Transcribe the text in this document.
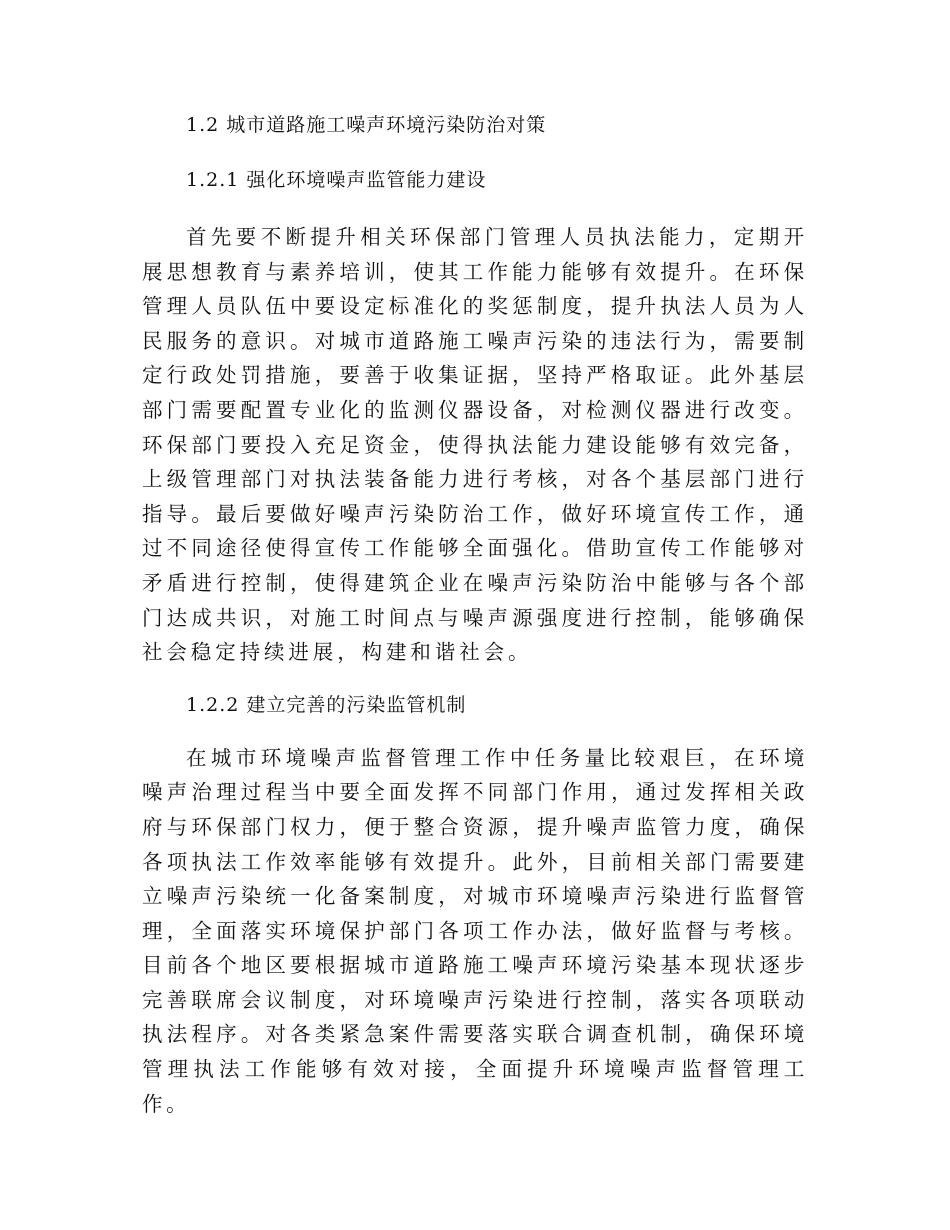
1.2 城市道路施工噪声环境污染防治对策
1.2.1 强化环境噪声监管能力建设

首先要不断提升相关环保部门管理人员执法能力，定期开展思想教育与素养培训，使其工作能力能够有效提升。在环保管理人员队伍中要设定标准化的奖惩制度，提升执法人员为人民服务的意识。对城市道路施工噪声污染的违法行为，需要制定行政处罚措施，要善于收集证据，坚持严格取证。此外基层部门需要配置专业化的监测仪器设备，对检测仪器进行改变。环保部门要投入充足资金，使得执法能力建设能够有效完备，上级管理部门对执法装备能力进行考核，对各个基层部门进行指导。最后要做好噪声污染防治工作，做好环境宣传工作，通过不同途径使得宣传工作能够全面强化。借助宣传工作能够对矛盾进行控制，使得建筑企业在噪声污染防治中能够与各个部门达成共识，对施工时间点与噪声源强度进行控制，能够确保社会稳定持续进展，构建和谐社会。

1.2.2 建立完善的污染监管机制

在城市环境噪声监督管理工作中任务量比较艰巨，在环境噪声治理过程当中要全面发挥不同部门作用，通过发挥相关政府与环保部门权力，便于整合资源，提升噪声监管力度，确保各项执法工作效率能够有效提升。此外，目前相关部门需要建立噪声污染统一化备案制度，对城市环境噪声污染进行监督管理，全面落实环境保护部门各项工作办法，做好监督与考核。目前各个地区要根据城市道路施工噪声环境污染基本现状逐步完善联席会议制度，对环境噪声污染进行控制，落实各项联动执法程序。对各类紧急案件需要落实联合调查机制，确保环境管理执法工作能够有效对接，全面提升环境噪声监督管理工作。
